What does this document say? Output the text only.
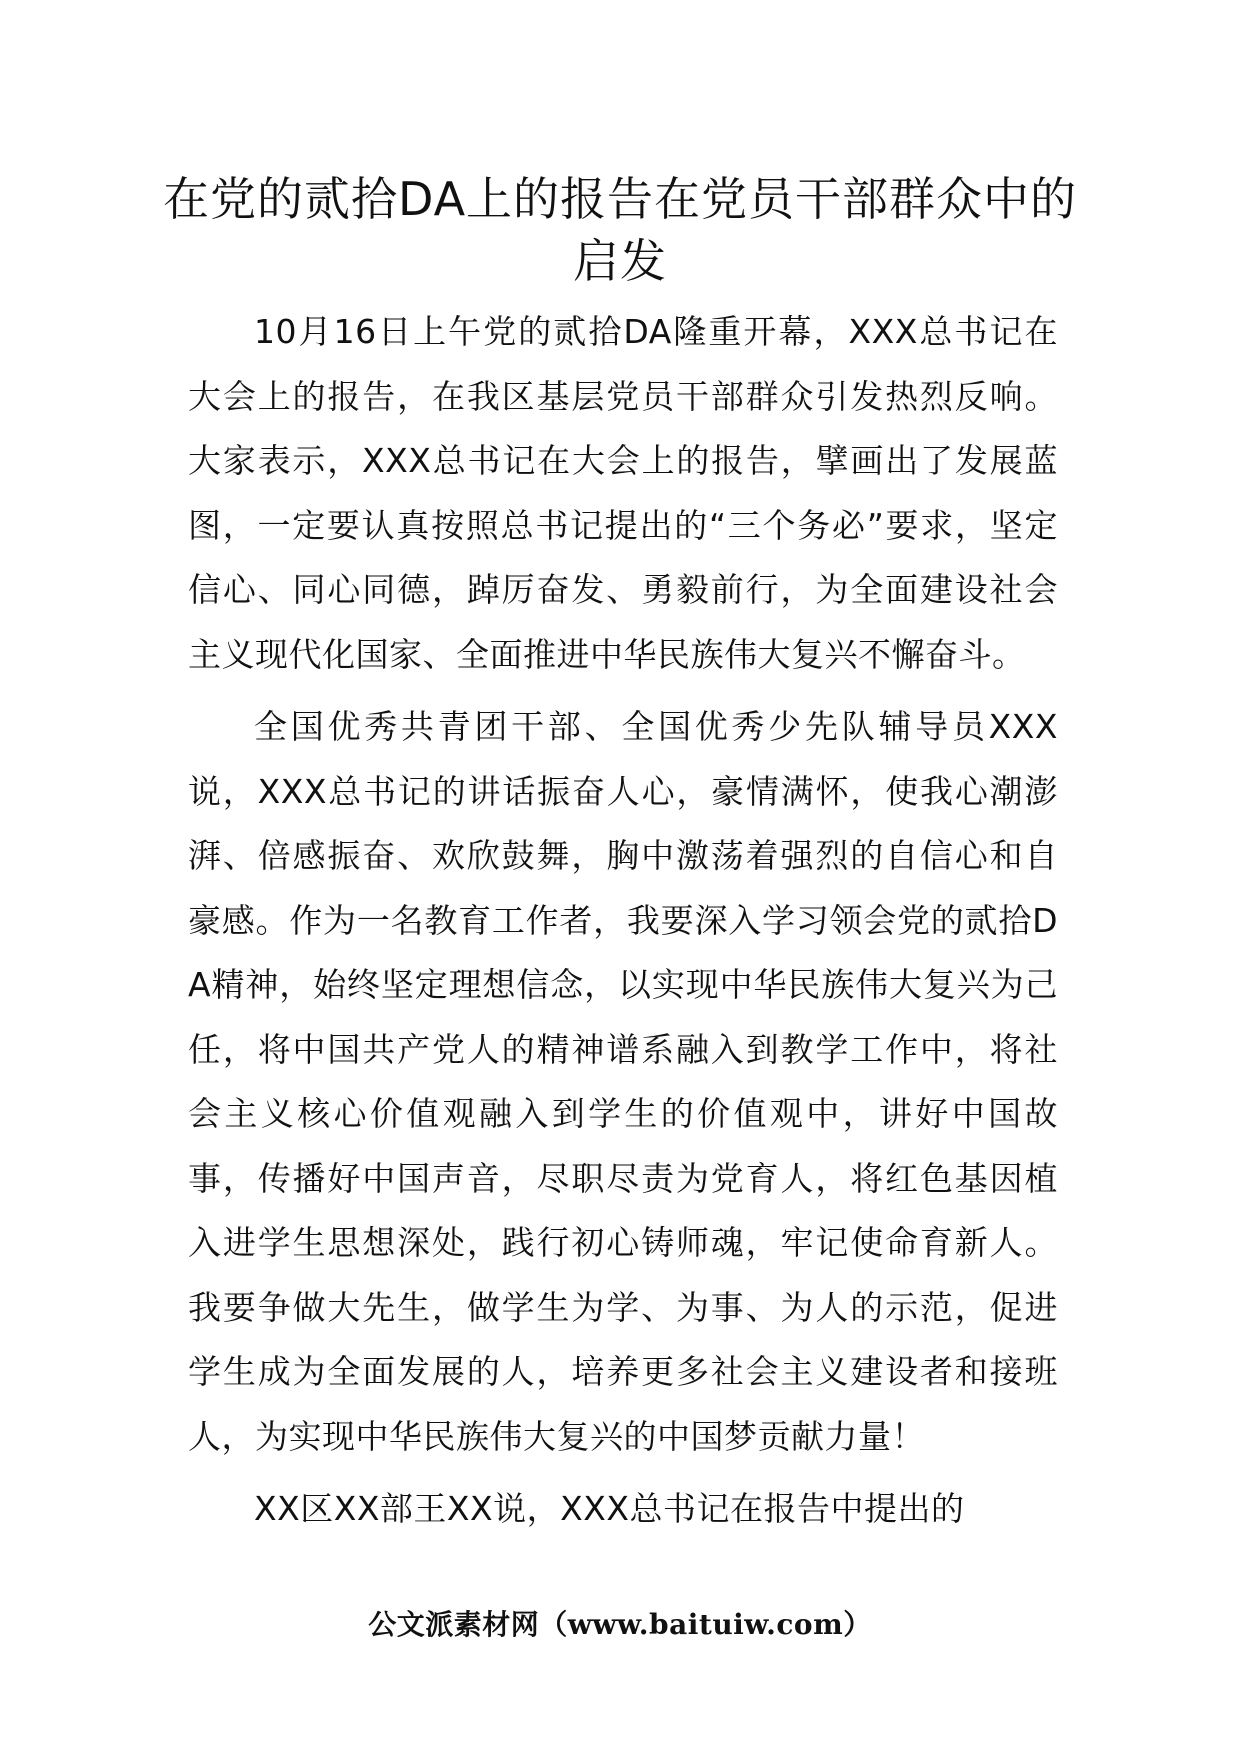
在党的贰拾DA上的报告在党员干部群众中的启发

10月16日上午党的贰拾DA隆重开幕，XXX总书记在大会上的报告，在我区基层党员干部群众引发热烈反响。大家表示，XXX总书记在大会上的报告，擘画出了发展蓝图，一定要认真按照总书记提出的“三个务必”要求，坚定信心、同心同德，踔厉奋发、勇毅前行，为全面建设社会主义现代化国家、全面推进中华民族伟大复兴不懈奋斗。

全国优秀共青团干部、全国优秀少先队辅导员XXX说，XXX总书记的讲话振奋人心，豪情满怀，使我心潮澎湃、倍感振奋、欢欣鼓舞，胸中激荡着强烈的自信心和自豪感。作为一名教育工作者，我要深入学习领会党的贰拾DA精神，始终坚定理想信念，以实现中华民族伟大复兴为己任，将中国共产党人的精神谱系融入到教学工作中，将社会主义核心价值观融入到学生的价值观中，讲好中国故事，传播好中国声音，尽职尽责为党育人，将红色基因植入进学生思想深处，践行初心铸师魂，牢记使命育新人。我要争做大先生，做学生为学、为事、为人的示范，促进学生成为全面发展的人，培养更多社会主义建设者和接班人，为实现中华民族伟大复兴的中国梦贡献力量！

XX区XX部王XX说，XXX总书记在报告中提出的

公文派素材网（www.baituiw.com）
